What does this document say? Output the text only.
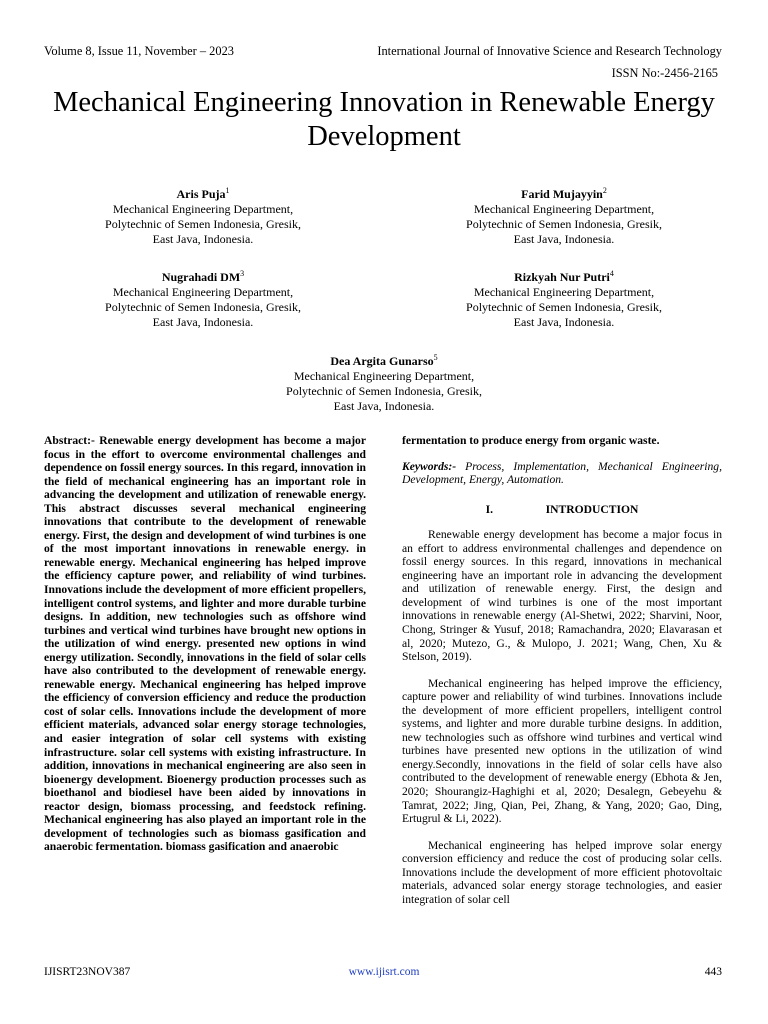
Volume 8, Issue 11, November – 2023	International Journal of Innovative Science and Research Technology
ISSN No:-2456-2165
Mechanical Engineering Innovation in Renewable Energy Development
Aris Puja$^1$
Mechanical Engineering Department,
Polytechnic of Semen Indonesia, Gresik,
East Java, Indonesia.
Farid Mujayyin$^2$
Mechanical Engineering Department,
Polytechnic of Semen Indonesia, Gresik,
East Java, Indonesia.
Nugrahadi $DM^3$
Mechanical Engineering Department,
Polytechnic of Semen Indonesia, Gresik,
East Java, Indonesia.
Rizkyah Nur Putri$^4$
Mechanical Engineering Department,
Polytechnic of Semen Indonesia, Gresik,
East Java, Indonesia.
Dea Argita Gunarso$^5$
Mechanical Engineering Department,
Polytechnic of Semen Indonesia, Gresik,
East Java, Indonesia.

Abstract:- Renewable energy development has become a major focus in the effort to overcome environmental challenges and dependence on fossil energy sources. In this regard, innovation in the field of mechanical engineering has an important role in advancing the development and utilization of renewable energy. This abstract discusses several mechanical engineering innovations that contribute to the development of renewable energy. First, the design and development of wind turbines is one of the most important innovations in renewable energy. in renewable energy. Mechanical engineering has helped improve the efficiency capture power, and reliability of wind turbines. Innovations include the development of more efficient propellers, intelligent control systems, and lighter and more durable turbine designs. In addition, new technologies such as offshore wind turbines and vertical wind turbines have brought new options in the utilization of wind energy. presented new options in wind energy utilization. Secondly, innovations in the field of solar cells have also contributed to the development of renewable energy. renewable energy. Mechanical engineering has helped improve the efficiency of conversion efficiency and reduce the production cost of solar cells. Innovations include the development of more efficient materials, advanced solar energy storage technologies, and easier integration of solar cell systems with existing infrastructure. solar cell systems with existing infrastructure. In addition, innovations in mechanical engineering are also seen in bioenergy development. Bioenergy production processes such as bioethanol and biodiesel have been aided by innovations in reactor design, biomass processing, and feedstock refining. Mechanical engineering has also played an important role in the development of technologies such as biomass gasification and anaerobic fermentation. biomass gasification and anaerobic

fermentation to produce energy from organic waste.

Keywords:- Process, Implementation, Mechanical Engineering, Development, Energy, Automation.

I.	INTRODUCTION

Renewable energy development has become a major focus in an effort to address environmental challenges and dependence on fossil energy sources. In this regard, innovations in mechanical engineering have an important role in advancing the development and utilization of renewable energy. First, the design and development of wind turbines is one of the most important innovations in renewable energy (Al-Shetwi, 2022; Sharvini, Noor, Chong, Stringer & Yusuf, 2018; Ramachandra, 2020; Elavarasan et al, 2020; Mutezo, G., & Mulopo, J. 2021; Wang, Chen, Xu & Stelson, 2019).

Mechanical engineering has helped improve the efficiency, capture power and reliability of wind turbines. Innovations include the development of more efficient propellers, intelligent control systems, and lighter and more durable turbine designs. In addition, new technologies such as offshore wind turbines and vertical wind turbines have presented new options in the utilization of wind energy.Secondly, innovations in the field of solar cells have also contributed to the development of renewable energy (Ebhota & Jen, 2020; Shourangiz-Haghighi et al, 2020; Desalegn, Gebeyehu & Tamrat, 2022; Jing, Qian, Pei, Zhang, & Yang, 2020; Gao, Ding, Ertugrul & Li, 2022).

Mechanical engineering has helped improve solar energy conversion efficiency and reduce the cost of producing solar cells. Innovations include the development of more efficient photovoltaic materials, advanced solar energy storage technologies, and easier integration of solar cell

IJISRT23NOV387	www.ijisrt.com	443
